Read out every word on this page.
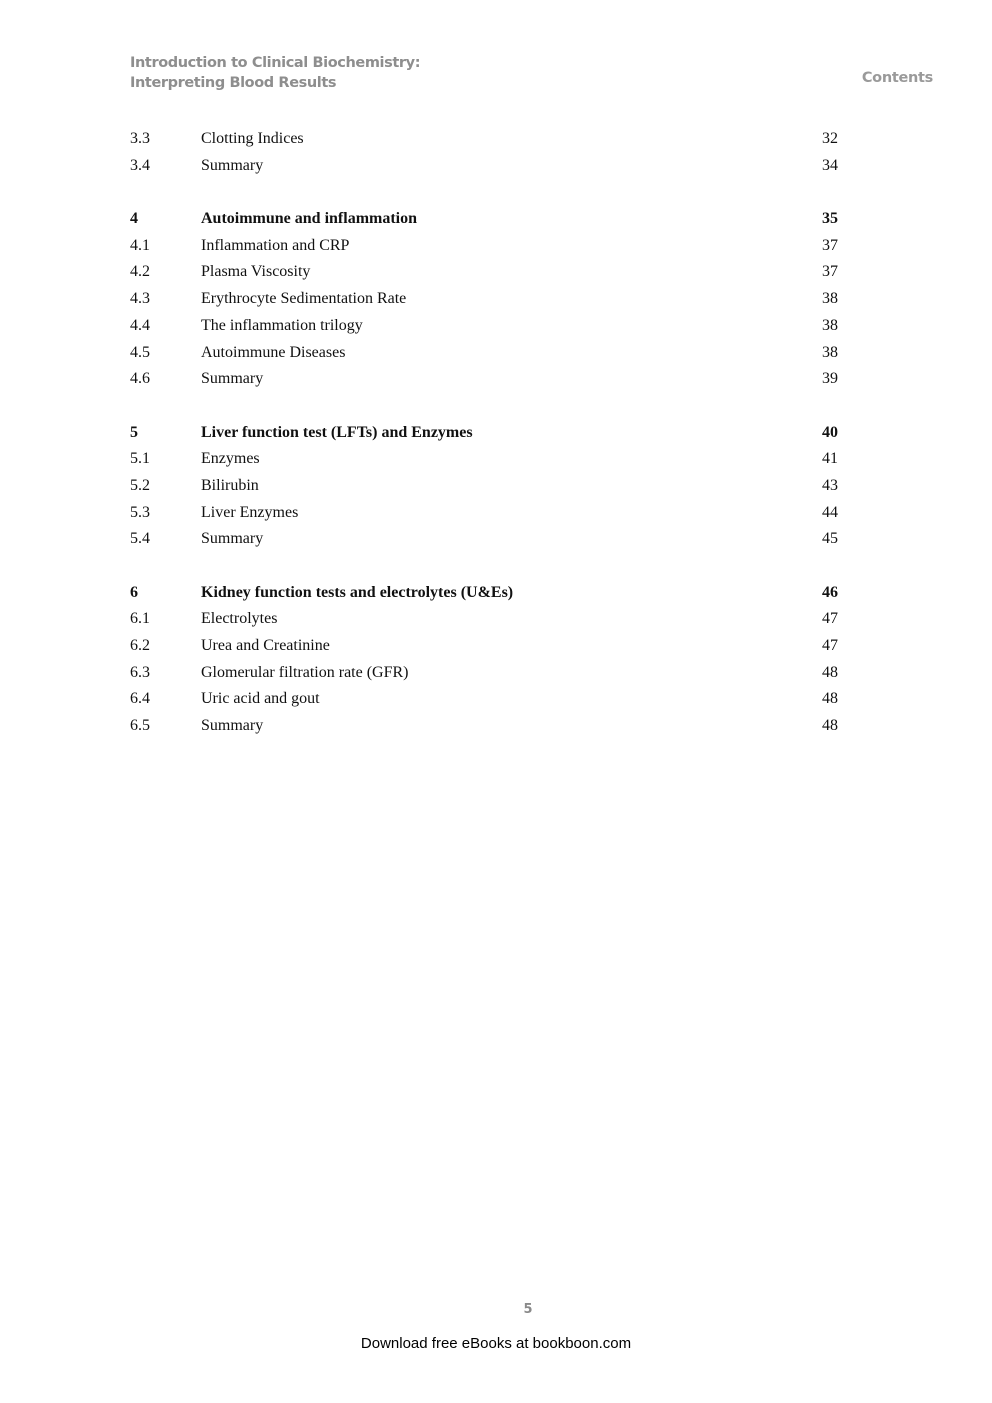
Introduction to Clinical Biochemistry:
Interpreting Blood Results	Contents
3.3	Clotting Indices	32
3.4	Summary	34
4	Autoimmune and inflammation	35
4.1	Inflammation and CRP	37
4.2	Plasma Viscosity	37
4.3	Erythrocyte Sedimentation Rate	38
4.4	The inflammation trilogy	38
4.5	Autoimmune Diseases	38
4.6	Summary	39
5	Liver function test (LFTs) and Enzymes	40
5.1	Enzymes	41
5.2	Bilirubin	43
5.3	Liver Enzymes	44
5.4	Summary	45
6	Kidney function tests and electrolytes (U&Es)	46
6.1	Electrolytes	47
6.2	Urea and Creatinine	47
6.3	Glomerular filtration rate (GFR)	48
6.4	Uric acid and gout	48
6.5	Summary	48
5
Download free eBooks at bookboon.com
